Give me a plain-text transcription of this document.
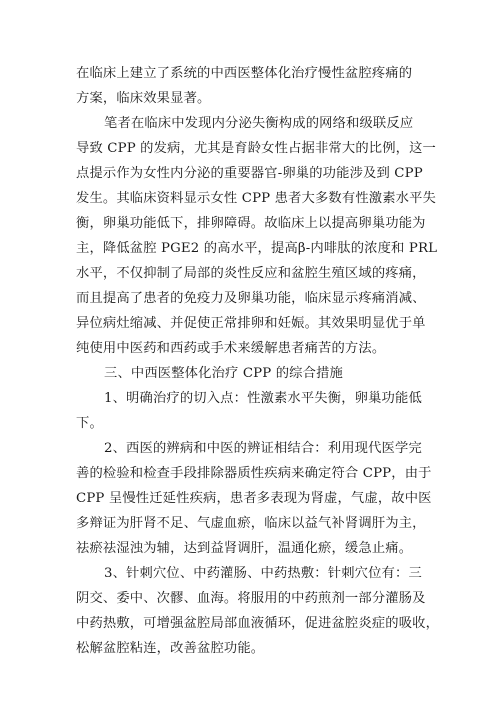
在临床上建立了系统的中西医整体化治疗慢性盆腔疼痛的
方案，临床效果显著。
笔者在临床中发现内分泌失衡构成的网络和级联反应
导致 CPP 的发病，尤其是育龄女性占据非常大的比例，这一
点提示作为女性内分泌的重要器官-卵巢的功能涉及到 CPP
发生。其临床资料显示女性 CPP 患者大多数有性激素水平失
衡，卵巢功能低下，排卵障碍。故临床上以提高卵巢功能为
主，降低盆腔 PGE2 的高水平，提高β-内啡肽的浓度和 PRL
水平，不仅抑制了局部的炎性反应和盆腔生殖区域的疼痛，
而且提高了患者的免疫力及卵巢功能，临床显示疼痛消减、
异位病灶缩减、并促使正常排卵和妊娠。其效果明显优于单
纯使用中医药和西药或手术来缓解患者痛苦的方法。
三、中西医整体化治疗 CPP 的综合措施
1、明确治疗的切入点：性激素水平失衡，卵巢功能低
下。
2、西医的辨病和中医的辨证相结合：利用现代医学完
善的检验和检查手段排除器质性疾病来确定符合 CPP，由于
CPP 呈慢性迁延性疾病，患者多表现为肾虚，气虚，故中医
多辩证为肝肾不足、气虚血瘀，临床以益气补肾调肝为主，
祛瘀祛湿浊为辅，达到益肾调肝，温通化瘀，缓急止痛。
3、针刺穴位、中药灌肠、中药热敷：针刺穴位有：三
阴交、委中、次髎、血海。将服用的中药煎剂一部分灌肠及
中药热敷，可增强盆腔局部血液循环，促进盆腔炎症的吸收，
松解盆腔粘连，改善盆腔功能。
